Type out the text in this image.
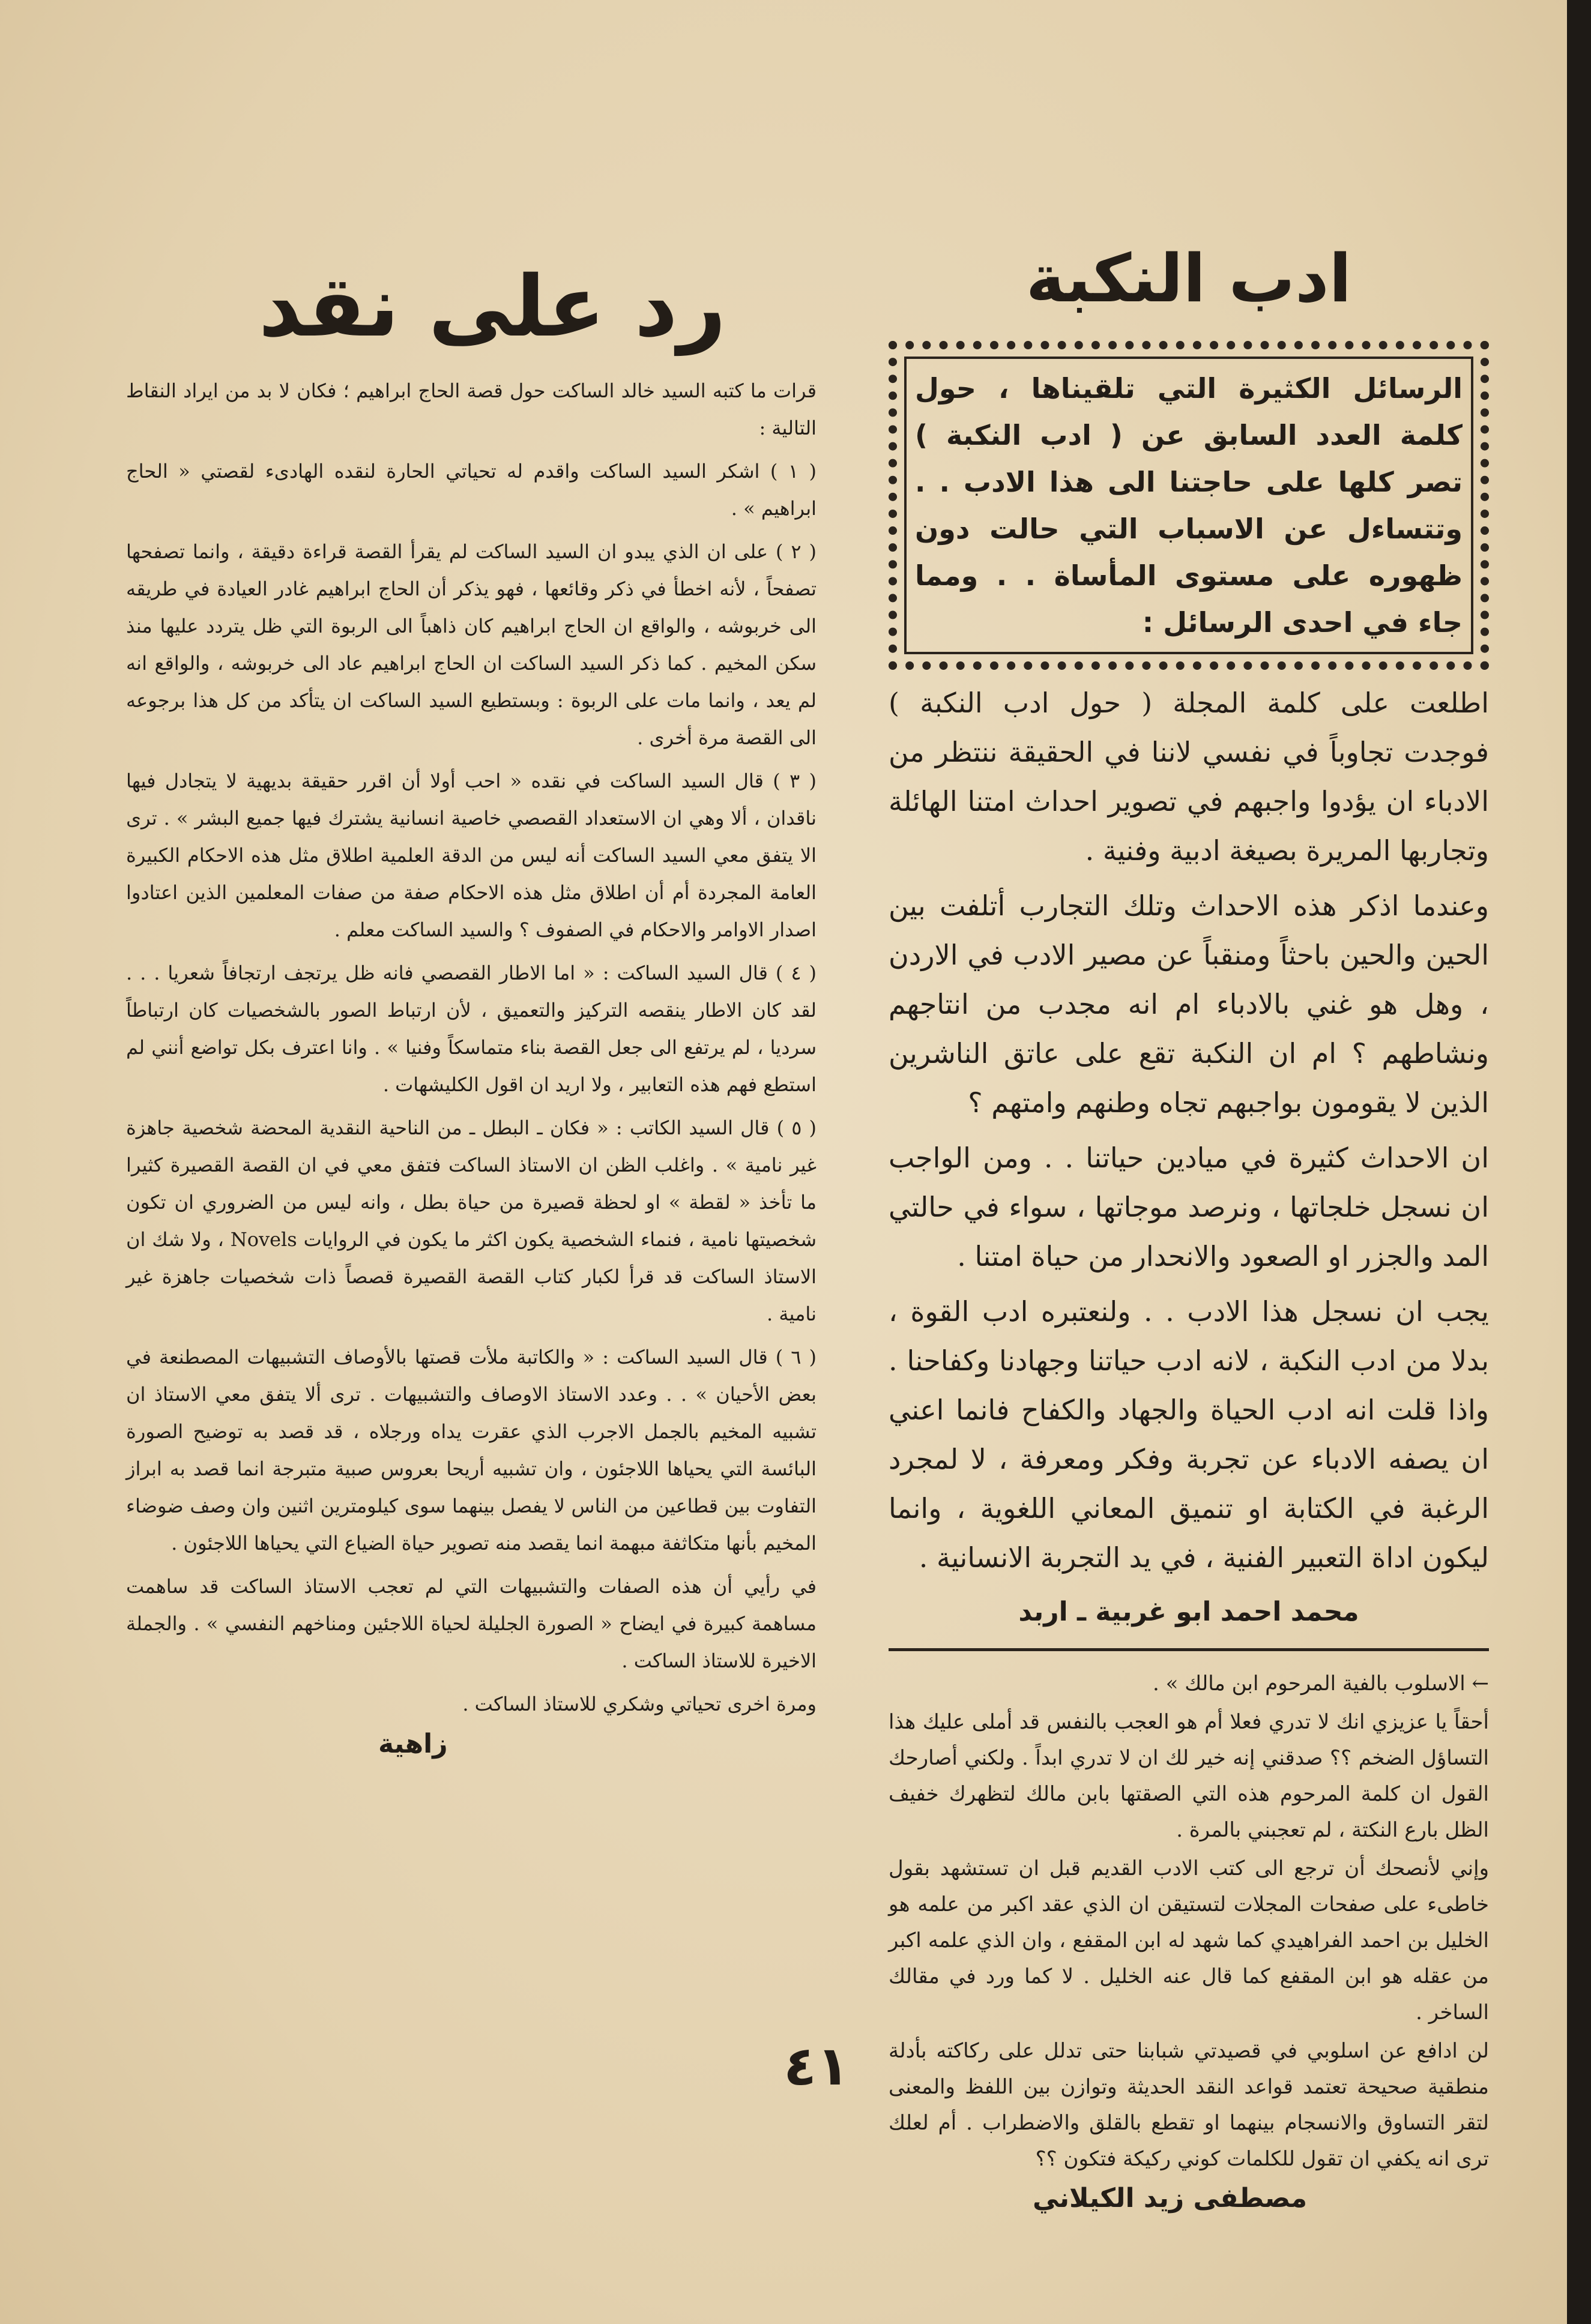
ادب النكبة

الرسائل الكثيرة التي تلقيناها ، حول كلمة العدد السابق عن ( ادب النكبة ) تصر كلها على حاجتنا الى هذا الادب . . وتتساءل عن الاسباب التي حالت دون ظهوره على مستوى المأساة . . ومما جاء في احدى الرسائل :

اطلعت على كلمة المجلة ( حول ادب النكبة ) فوجدت تجاوباً في نفسي لاننا في الحقيقة ننتظر من الادباء ان يؤدوا واجبهم في تصوير احداث امتنا الهائلة وتجاربها المريرة بصيغة ادبية وفنية .

وعندما اذكر هذه الاحداث وتلك التجارب أتلفت بين الحين والحين باحثاً ومنقباً عن مصير الادب في الاردن ، وهل هو غني بالادباء ام انه مجدب من انتاجهم ونشاطهم ؟ ام ان النكبة تقع على عاتق الناشرين الذين لا يقومون بواجبهم تجاه وطنهم وامتهم ؟

ان الاحداث كثيرة في ميادين حياتنا . . ومن الواجب ان نسجل خلجاتها ، ونرصد موجاتها ، سواء في حالتي المد والجزر او الصعود والانحدار من حياة امتنا .

يجب ان نسجل هذا الادب . . ولنعتبره ادب القوة ، بدلا من ادب النكبة ، لانه ادب حياتنا وجهادنا وكفاحنا . واذا قلت انه ادب الحياة والجهاد والكفاح فانما اعني ان يصفه الادباء عن تجربة وفكر ومعرفة ، لا لمجرد الرغبة في الكتابة او تنميق المعاني اللغوية ، وانما ليكون اداة التعبير الفنية ، في يد التجربة الانسانية .

محمد احمد ابو غربية ـ اربد

← الاسلوب بالفية المرحوم ابن مالك » .

أحقاً يا عزيزي انك لا تدري فعلا أم هو العجب بالنفس قد أملى عليك هذا التساؤل الضخم ؟؟ صدقني إنه خير لك ان لا تدري ابداً . ولكني أصارحك القول ان كلمة المرحوم هذه التي الصقتها بابن مالك لتظهرك خفيف الظل بارع النكتة ، لم تعجبني بالمرة .

وإني لأنصحك أن ترجع الى كتب الادب القديم قبل ان تستشهد بقول خاطىء على صفحات المجلات لتستيقن ان الذي عقد اكبر من علمه هو الخليل بن احمد الفراهيدي كما شهد له ابن المقفع ، وان الذي علمه اكبر من عقله هو ابن المقفع كما قال عنه الخليل . لا كما ورد في مقالك الساخر .

لن ادافع عن اسلوبي في قصيدتي شبابنا حتى تدلل على ركاكته بأدلة منطقية صحيحة تعتمد قواعد النقد الحديثة وتوازن بين اللفظ والمعنى لتقر التساوق والانسجام بينهما او تقطع بالقلق والاضطراب . أم لعلك ترى انه يكفي ان تقول للكلمات كوني ركيكة فتكون ؟؟

مصطفى زيد الكيلاني
رد على نقد

قرات ما كتبه السيد خالد الساكت حول قصة الحاج ابراهيم ؛ فكان لا بد من ايراد النقاط التالية :

( ١ ) اشكر السيد الساكت واقدم له تحياتي الحارة لنقده الهادىء لقصتي « الحاج ابراهيم » .

( ٢ ) على ان الذي يبدو ان السيد الساكت لم يقرأ القصة قراءة دقيقة ، وانما تصفحها تصفحاً ، لأنه اخطأ في ذكر وقائعها ، فهو يذكر أن الحاج ابراهيم غادر العيادة في طريقه الى خربوشه ، والواقع ان الحاج ابراهيم كان ذاهباً الى الربوة التي ظل يتردد عليها منذ سكن المخيم . كما ذكر السيد الساكت ان الحاج ابراهيم عاد الى خربوشه ، والواقع انه لم يعد ، وانما مات على الربوة : وبستطيع السيد الساكت ان يتأكد من كل هذا برجوعه الى القصة مرة أخرى .

( ٣ ) قال السيد الساكت في نقده « احب أولا أن اقرر حقيقة بديهية لا يتجادل فيها ناقدان ، ألا وهي ان الاستعداد القصصي خاصية انسانية يشترك فيها جميع البشر » . ترى الا يتفق معي السيد الساكت أنه ليس من الدقة العلمية اطلاق مثل هذه الاحكام الكبيرة العامة المجردة أم أن اطلاق مثل هذه الاحكام صفة من صفات المعلمين الذين اعتادوا اصدار الاوامر والاحكام في الصفوف ؟ والسيد الساكت معلم .

( ٤ ) قال السيد الساكت : « اما الاطار القصصي فانه ظل يرتجف ارتجافاً شعريا . . . لقد كان الاطار ينقصه التركيز والتعميق ، لأن ارتباط الصور بالشخصيات كان ارتباطاً سرديا ، لم يرتفع الى جعل القصة بناء متماسكاً وفنيا » . وانا اعترف بكل تواضع أنني لم استطع فهم هذه التعابير ، ولا اريد ان اقول الكليشهات .

( ٥ ) قال السيد الكاتب : « فكان ـ البطل ـ من الناحية النقدية المحضة شخصية جاهزة غير نامية » . واغلب الظن ان الاستاذ الساكت فتفق معي في ان القصة القصيرة كثيرا ما تأخذ « لقطة » او لحظة قصيرة من حياة بطل ، وانه ليس من الضروري ان تكون شخصيتها نامية ، فنماء الشخصية يكون اكثر ما يكون في الروايات Novels ، ولا شك ان الاستاذ الساكت قد قرأ لكبار كتاب القصة القصيرة قصصاً ذات شخصيات جاهزة غير نامية .

( ٦ ) قال السيد الساكت : « والكاتبة ملأت قصتها بالأوصاف التشبيهات المصطنعة في بعض الأحيان » . . وعدد الاستاذ الاوصاف والتشبيهات . ترى ألا يتفق معي الاستاذ ان تشبيه المخيم بالجمل الاجرب الذي عقرت يداه ورجلاه ، قد قصد به توضيح الصورة البائسة التي يحياها اللاجئون ، وان تشبيه أريحا بعروس صبية متبرجة انما قصد به ابراز التفاوت بين قطاعين من الناس لا يفصل بينهما سوى كيلومترين اثنين وان وصف ضوضاء المخيم بأنها متكاثفة مبهمة انما يقصد منه تصوير حياة الضياع التي يحياها اللاجئون .

في رأيي أن هذه الصفات والتشبيهات التي لم تعجب الاستاذ الساكت قد ساهمت مساهمة كبيرة في ايضاح « الصورة الجليلة لحياة اللاجئين ومناخهم النفسي » . والجملة الاخيرة للاستاذ الساكت .

ومرة اخرى تحياتي وشكري للاستاذ الساكت .

زاهية
٤١
